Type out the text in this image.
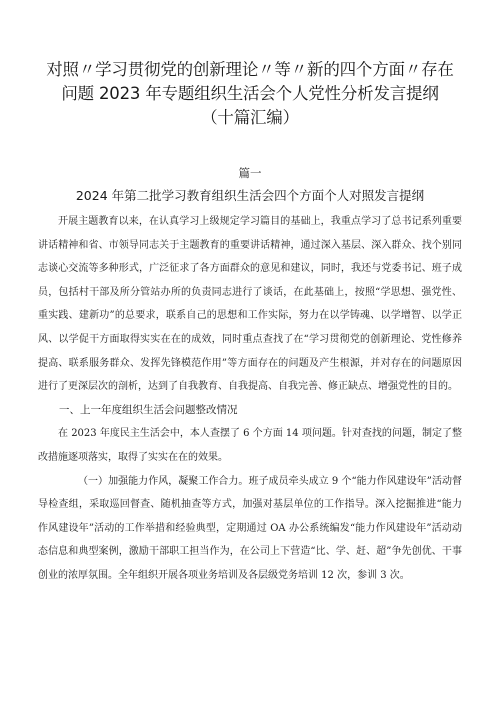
对照〃学习贯彻党的创新理论〃等〃新的四个方面〃存在
问题 2023 年专题组织生活会个人党性分析发言提纲
（十篇汇编）
篇一
2024 年第二批学习教育组织生活会四个方面个人对照发言提纲

开展主题教育以来，在认真学习上级规定学习篇目的基础上，我重点学习了总书记系列重要讲话精神和省、市领导同志关于主题教育的重要讲话精神，通过深入基层、深入群众、找个别同志谈心交流等多种形式，广泛征求了各方面群众的意见和建议，同时，我还与党委书记、班子成员，包括村干部及所分管站办所的负责同志进行了谈话，在此基础上，按照“学思想、强党性、重实践、建新功”的总要求，联系自己的思想和工作实际，努力在以学铸魂、以学增智、以学正风、以学促干方面取得实实在在的成效，同时重点查找了在“学习贯彻党的创新理论、党性修养提高、联系服务群众、发挥先锋模范作用”等方面存在的问题及产生根源，并对存在的问题原因进行了更深层次的剖析，达到了自我教育、自我提高、自我完善、修正缺点、增强党性的目的。

一、上一年度组织生活会问题整改情况

在 2023 年度民主生活会中，本人查摆了 6 个方面 14 项问题。针对查找的问题，制定了整改措施逐项落实，取得了实实在在的效果。

（一）加强能力作风，凝聚工作合力。班子成员牵头成立 9 个“能力作风建设年”活动督导检查组，采取巡回督查、随机抽查等方式，加强对基层单位的工作指导。深入挖掘推进“能力作风建设年”活动的工作举措和经验典型，定期通过 OA 办公系统编发“能力作风建设年”活动动态信息和典型案例，激励干部职工担当作为，在公司上下营造“比、学、赶、超”争先创优、干事创业的浓厚氛围。全年组织开展各项业务培训及各层级党务培训 12 次，参训 3 次。
